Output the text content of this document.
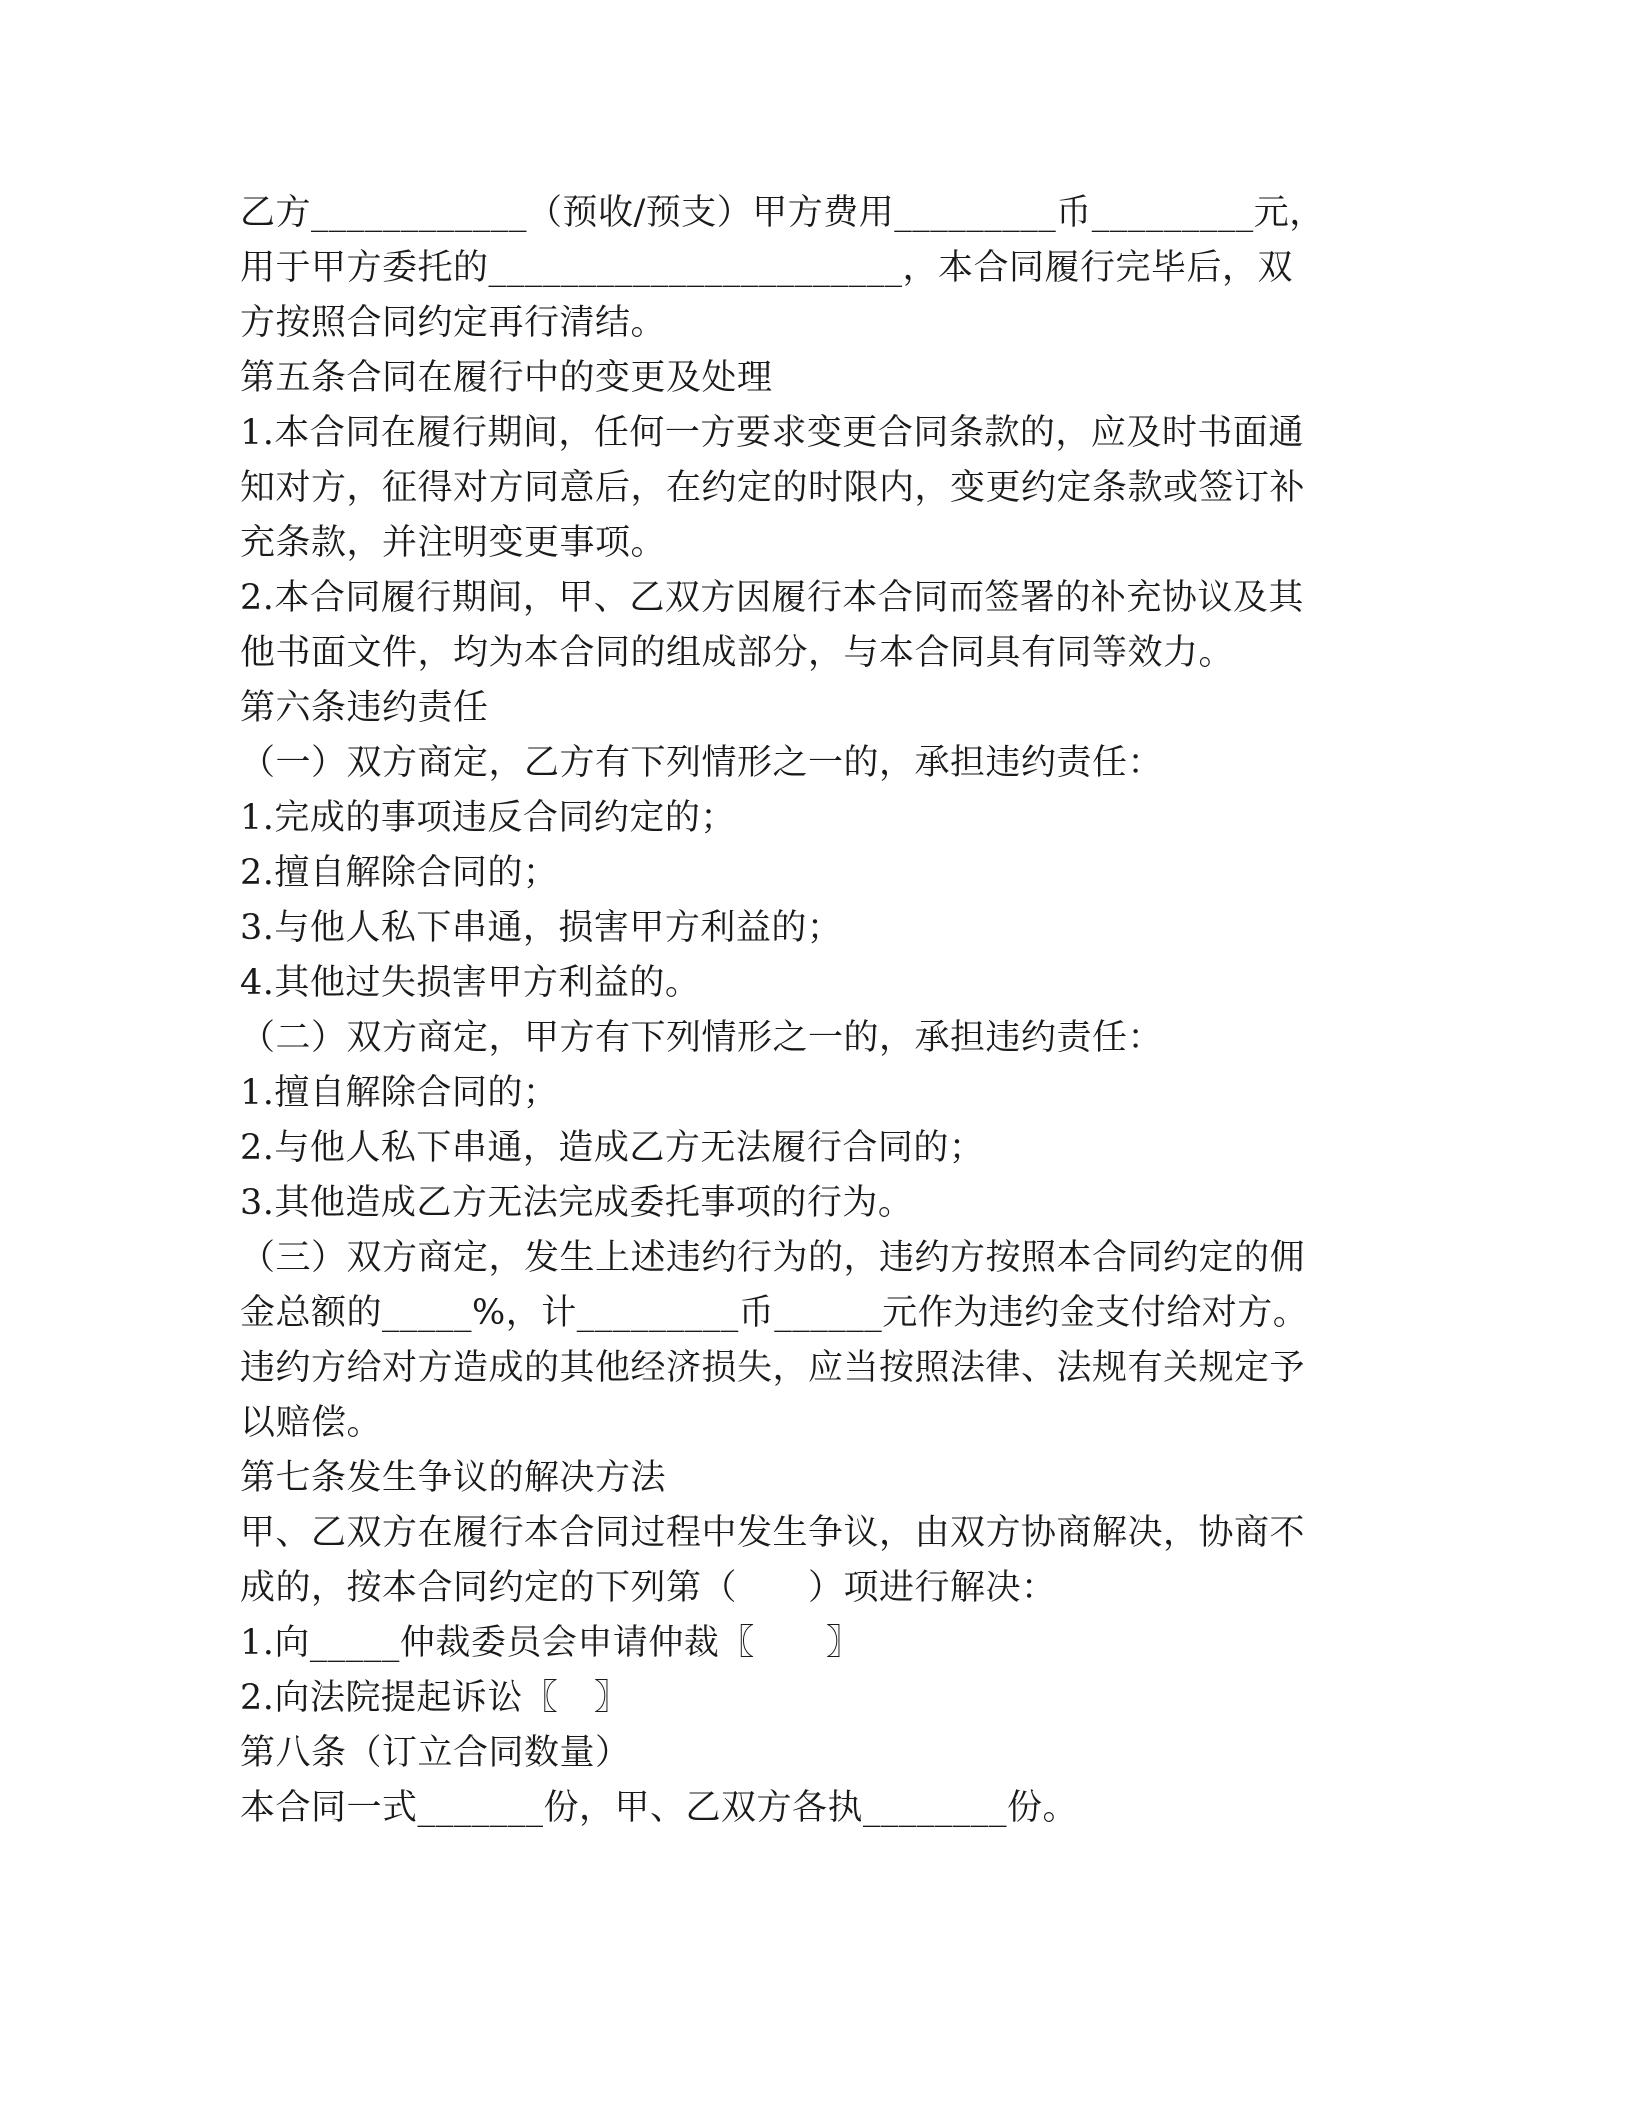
乙方____________（预收/预支）甲方费用_________币_________元，
用于甲方委托的_______________________，本合同履行完毕后，双
方按照合同约定再行清结。
第五条合同在履行中的变更及处理
1.本合同在履行期间，任何一方要求变更合同条款的，应及时书面通
知对方，征得对方同意后，在约定的时限内，变更约定条款或签订补
充条款，并注明变更事项。
2.本合同履行期间，甲、乙双方因履行本合同而签署的补充协议及其
他书面文件，均为本合同的组成部分，与本合同具有同等效力。
第六条违约责任
（一）双方商定，乙方有下列情形之一的，承担违约责任：
1.完成的事项违反合同约定的；
2.擅自解除合同的；
3.与他人私下串通，损害甲方利益的；
4.其他过失损害甲方利益的。
（二）双方商定，甲方有下列情形之一的，承担违约责任：
1.擅自解除合同的；
2.与他人私下串通，造成乙方无法履行合同的；
3.其他造成乙方无法完成委托事项的行为。
（三）双方商定，发生上述违约行为的，违约方按照本合同约定的佣
金总额的_____%，计_________币______元作为违约金支付给对方。
违约方给对方造成的其他经济损失，应当按照法律、法规有关规定予
以赔偿。
第七条发生争议的解决方法
甲、乙双方在履行本合同过程中发生争议，由双方协商解决，协商不
成的，按本合同约定的下列第（　　）项进行解决：
1.向_____仲裁委员会申请仲裁〖　　〗
2.向法院提起诉讼〖　〗
第八条（订立合同数量）
本合同一式_______份，甲、乙双方各执________份。
